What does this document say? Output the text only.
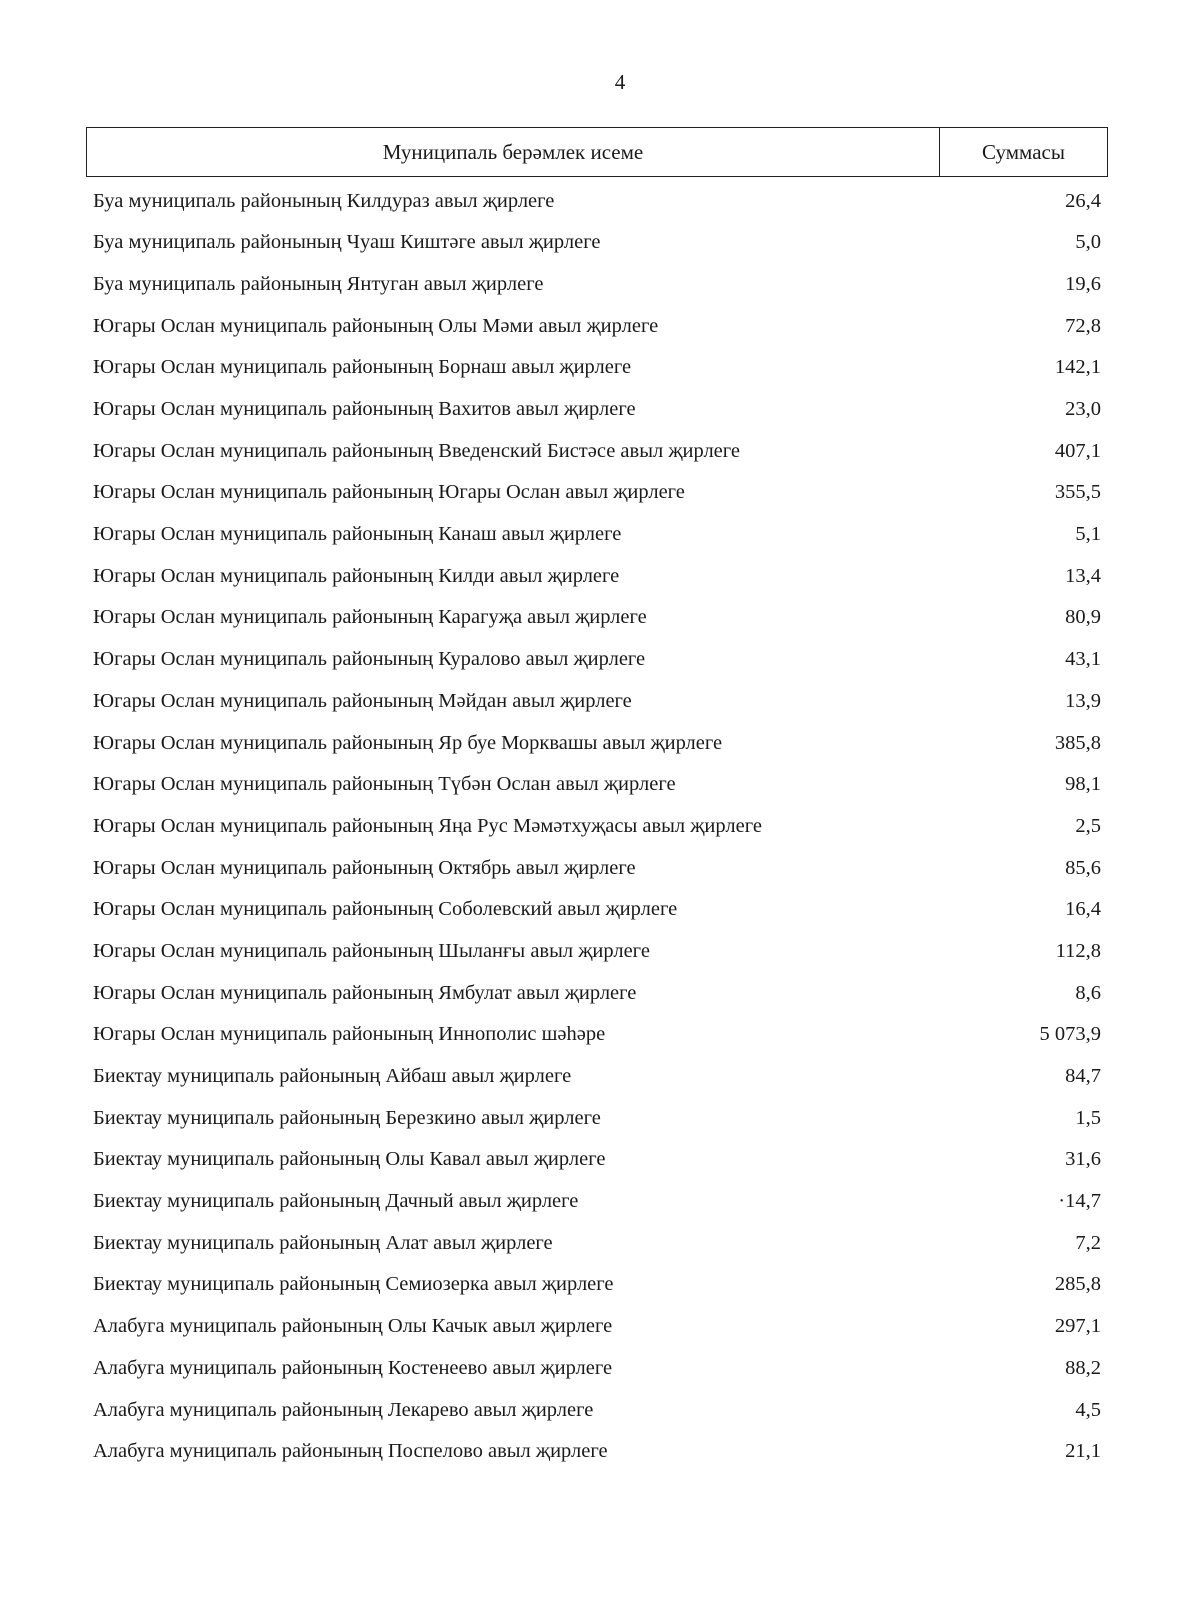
4
Муниципаль берәмлек исеме	Суммасы
Буа муниципаль районының Килдураз авыл җирлеге	26,4
Буа муниципаль районының Чуаш Киштәге авыл җирлеге	5,0
Буа муниципаль районының Янтуган авыл җирлеге	19,6
Югары Ослан муниципаль районының Олы Мәми авыл җирлеге	72,8
Югары Ослан муниципаль районының Борнаш авыл җирлеге	142,1
Югары Ослан муниципаль районының Вахитов авыл җирлеге	23,0
Югары Ослан муниципаль районының Введенский Бистәсе авыл җирлеге	407,1
Югары Ослан муниципаль районының Югары Ослан авыл җирлеге	355,5
Югары Ослан муниципаль районының Канаш авыл җирлеге	5,1
Югары Ослан муниципаль районының Килди авыл җирлеге	13,4
Югары Ослан муниципаль районының Карагуҗа авыл җирлеге	80,9
Югары Ослан муниципаль районының Куралово авыл җирлеге	43,1
Югары Ослан муниципаль районының Мәйдан авыл җирлеге	13,9
Югары Ослан муниципаль районының Яр буе Морквашы авыл җирлеге	385,8
Югары Ослан муниципаль районының Түбән Ослан авыл җирлеге	98,1
Югары Ослан муниципаль районының Яңа Рус Мәмәтхуҗасы авыл җирлеге	2,5
Югары Ослан муниципаль районының Октябрь авыл җирлеге	85,6
Югары Ослан муниципаль районының Соболевский авыл җирлеге	16,4
Югары Ослан муниципаль районының Шыланғы авыл җирлеге	112,8
Югары Ослан муниципаль районының Ямбулат авыл җирлеге	8,6
Югары Ослан муниципаль районының Иннополис шәһәре	5 073,9
Биектау муниципаль районының Айбаш авыл җирлеге	84,7
Биектау муниципаль районының Березкино авыл җирлеге	1,5
Биектау муниципаль районының Олы Кавал авыл җирлеге	31,6
Биектау муниципаль районының Дачный авыл җирлеге	·14,7
Биектау муниципаль районының Алат авыл җирлеге	7,2
Биектау муниципаль районының Семиозерка авыл җирлеге	285,8
Алабуга муниципаль районының Олы Качык авыл җирлеге	297,1
Алабуга муниципаль районының Костенеево авыл җирлеге	88,2
Алабуга муниципаль районының Лекарево авыл җирлеге	4,5
Алабуга муниципаль районының Поспелово авыл җирлеге	21,1
